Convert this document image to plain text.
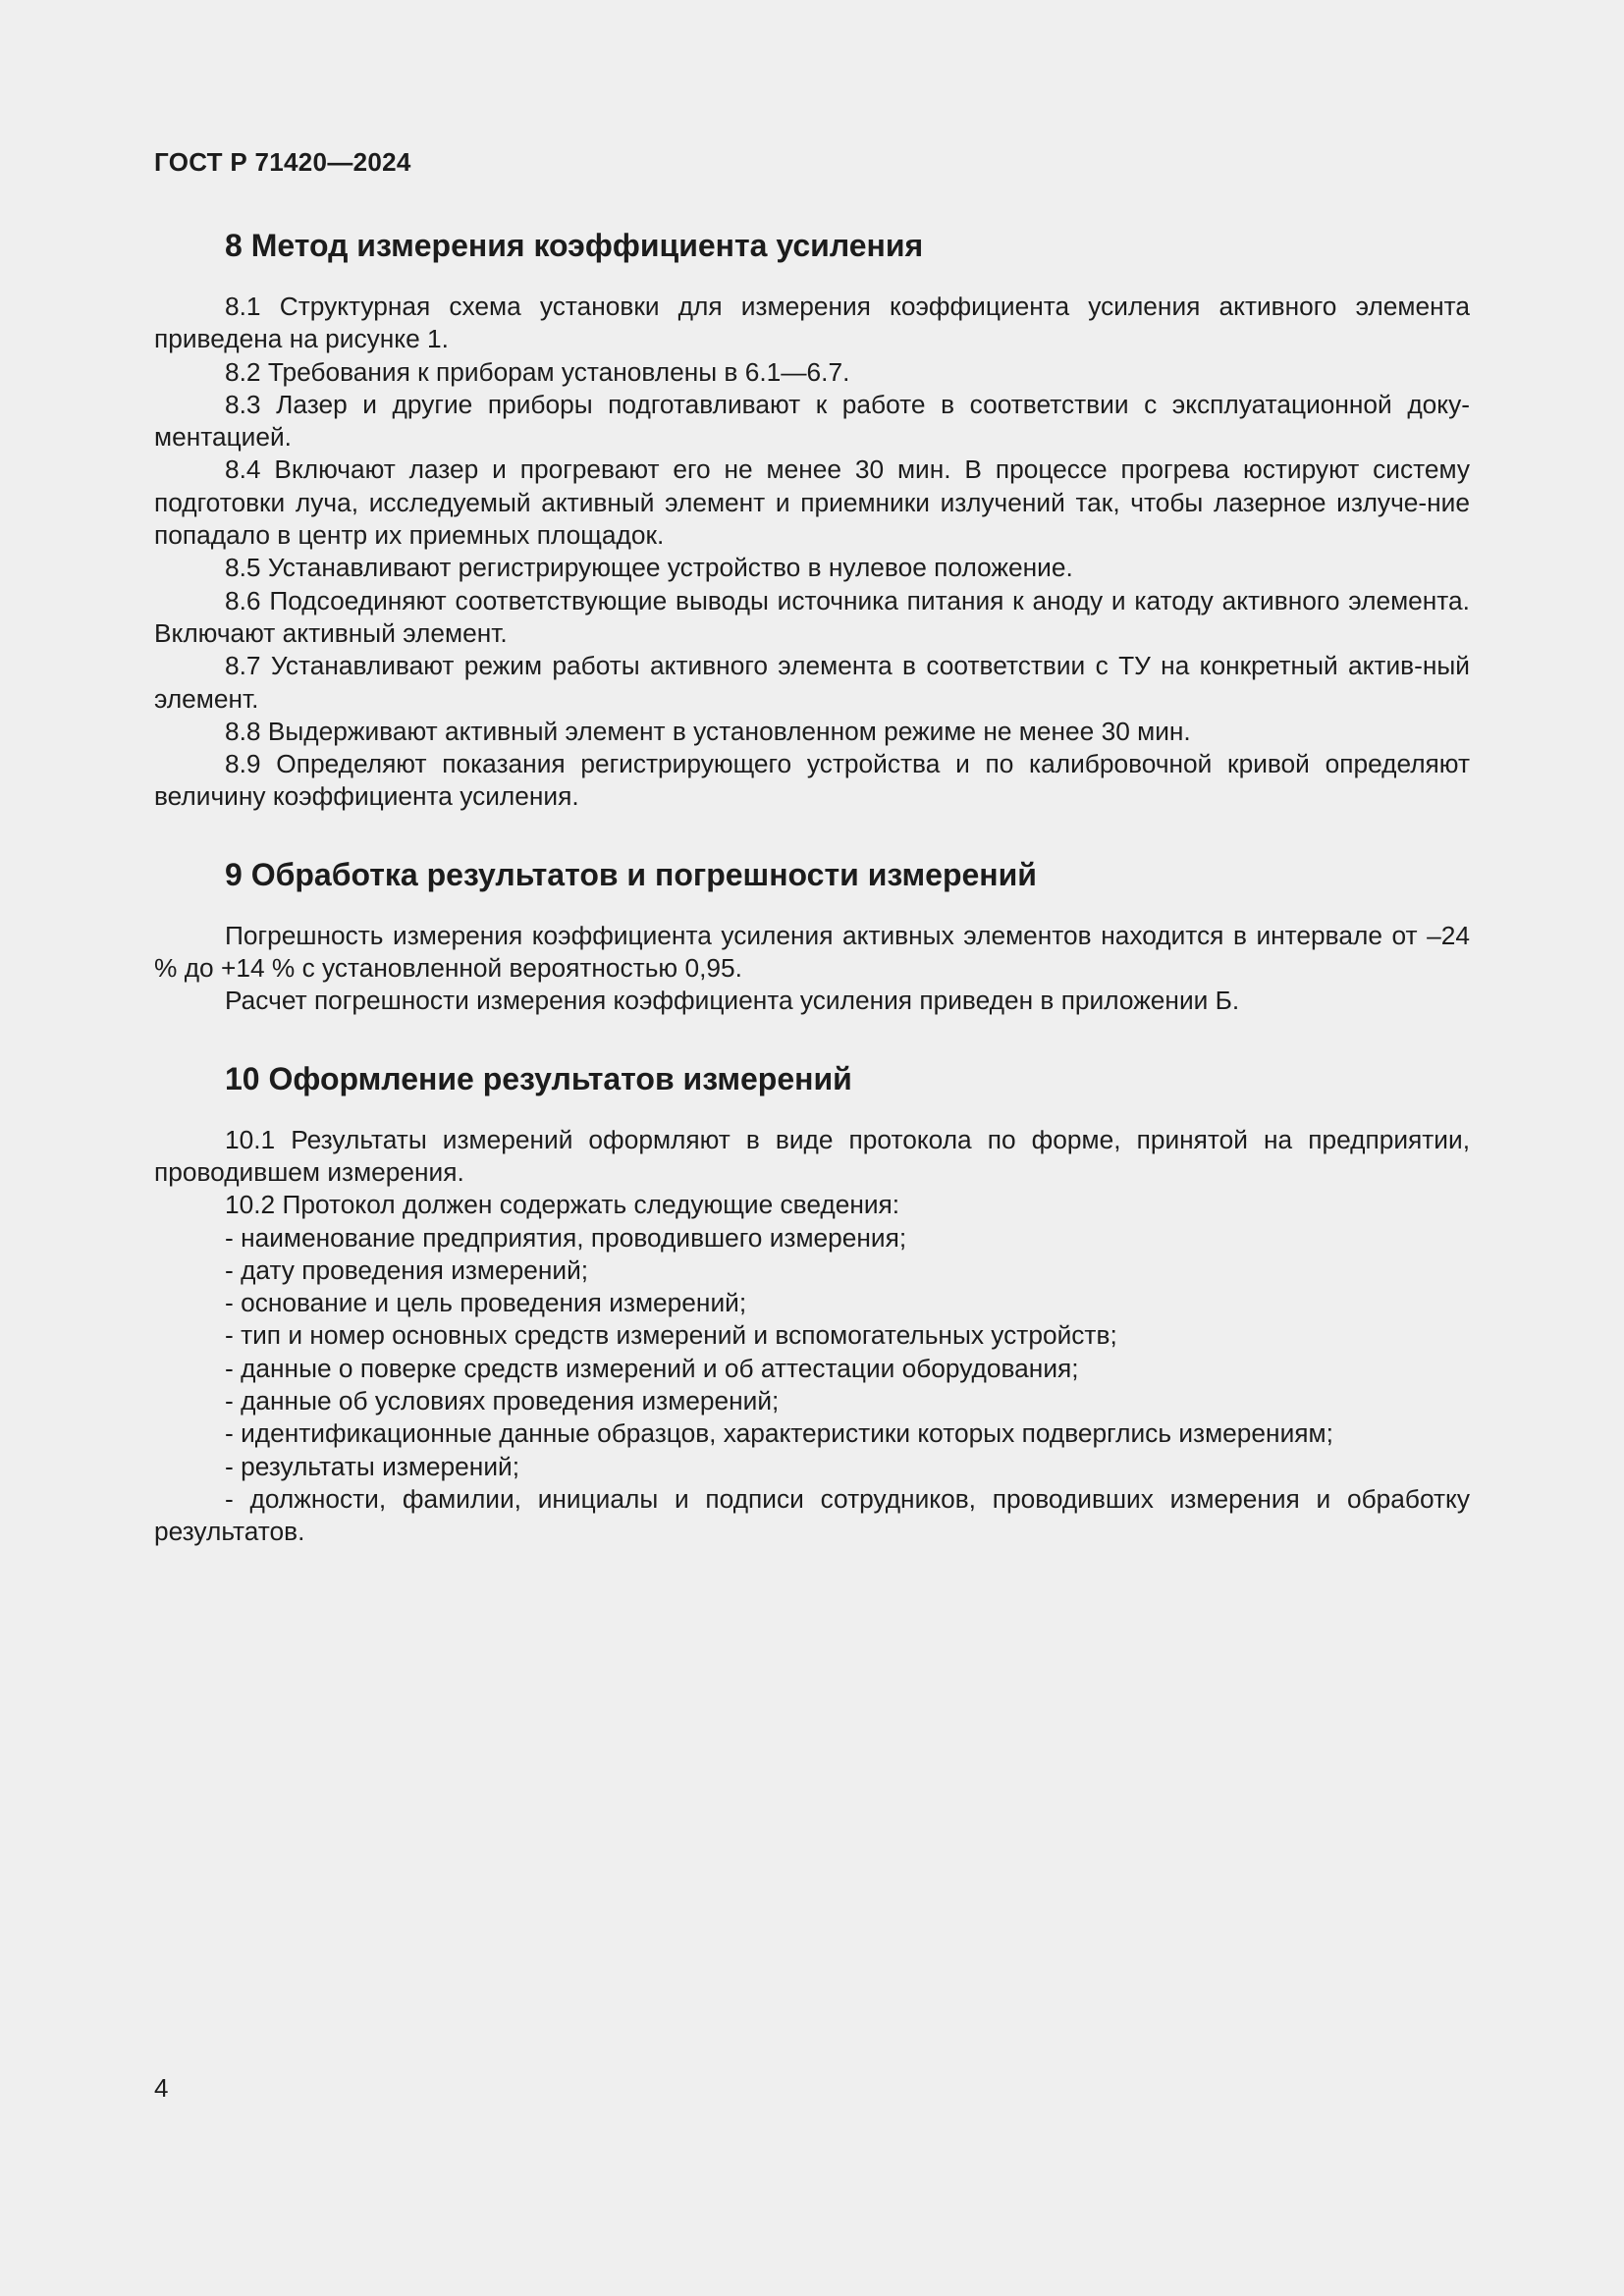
ГОСТ Р 71420—2024
8 Метод измерения коэффициента усиления

8.1 Структурная схема установки для измерения коэффициента усиления активного элемента приведена на рисунке 1.

8.2 Требования к приборам установлены в 6.1—6.7.

8.3 Лазер и другие приборы подготавливают к работе в соответствии с эксплуатационной доку-ментацией.

8.4 Включают лазер и прогревают его не менее 30 мин. В процессе прогрева юстируют систему подготовки луча, исследуемый активный элемент и приемники излучений так, чтобы лазерное излуче-ние попадало в центр их приемных площадок.

8.5 Устанавливают регистрирующее устройство в нулевое положение.

8.6 Подсоединяют соответствующие выводы источника питания к аноду и катоду активного элемента. Включают активный элемент.

8.7 Устанавливают режим работы активного элемента в соответствии с ТУ на конкретный актив-ный элемент.

8.8 Выдерживают активный элемент в установленном режиме не менее 30 мин.

8.9 Определяют показания регистрирующего устройства и по калибровочной кривой определяют величину коэффициента усиления.

9 Обработка результатов и погрешности измерений

Погрешность измерения коэффициента усиления активных элементов находится в интервале от –24 % до +14 % с установленной вероятностью 0,95.

Расчет погрешности измерения коэффициента усиления приведен в приложении Б.

10 Оформление результатов измерений

10.1 Результаты измерений оформляют в виде протокола по форме, принятой на предприятии, проводившем измерения.

10.2 Протокол должен содержать следующие сведения:

- наименование предприятия, проводившего измерения;

- дату проведения измерений;

- основание и цель проведения измерений;

- тип и номер основных средств измерений и вспомогательных устройств;

- данные о поверке средств измерений и об аттестации оборудования;

- данные об условиях проведения измерений;

- идентификационные данные образцов, характеристики которых подверглись измерениям;

- результаты измерений;

- должности, фамилии, инициалы и подписи сотрудников, проводивших измерения и обработку результатов.

4
